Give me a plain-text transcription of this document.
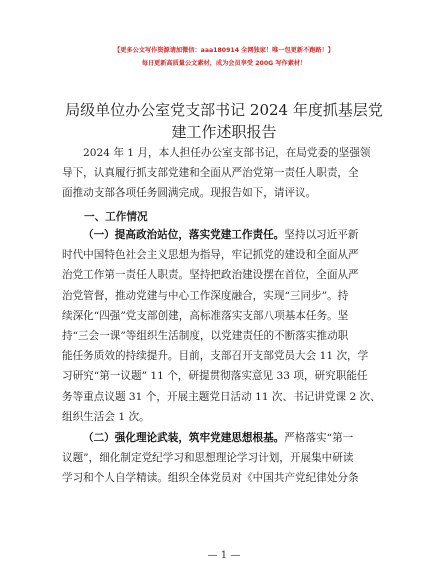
【更多公文写作资源请加微信：aaa180914 全网独家！唯一包更新不跑路！】
每日更新高质量公文素材，成为会员享受 200G 写作素材！
局级单位办公室党支部书记 2024 年度抓基层党
建工作述职报告
2024 年 1 月，本人担任办公室支部书记，在局党委的坚强领
导下，认真履行抓支部党建和全面从严治党第一责任人职责，全
面推动支部各项任务圆满完成。现报告如下，请评议。
一、工作情况
（一）提高政治站位，落实党建工作责任。坚持以习近平新
时代中国特色社会主义思想为指导，牢记抓党的建设和全面从严
治党工作第一责任人职责。坚持把政治建设摆在首位，全面从严
治党管督，推动党建与中心工作深度融合，实现“三同步”。持
续深化“四强”党支部创建，高标准落实支部八项基本任务。坚
持“三会一课”等组织生活制度，以党建责任的不断落实推动职
能任务质效的持续提升。目前，支部召开支部党员大会 11 次，学
习研究“第一议题” 11 个，研提贯彻落实意见 33 项，研究职能任
务等重点议题 31 个，开展主题党日活动 11 次、书记讲党课 2 次、
组织生活会 1 次。
（二）强化理论武装，筑牢党建思想根基。严格落实“第一
议题”，细化制定党纪学习和思想理论学习计划，开展集中研读
学习和个人自学精读。组织全体党员对《中国共产党纪律处分条
— 1 —
